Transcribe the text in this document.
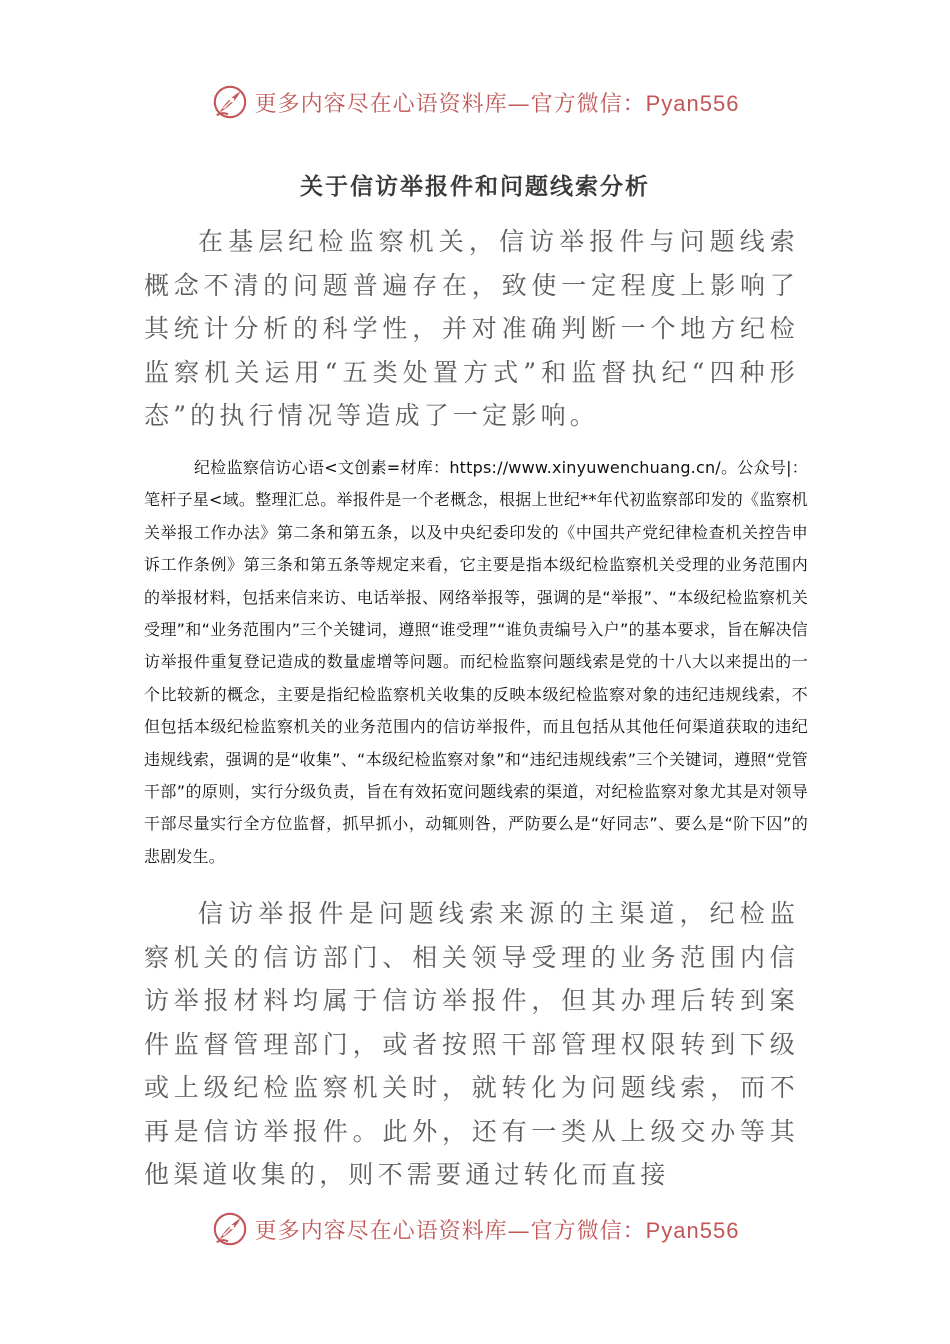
更多内容尽在心语资料库—官方微信：Pyan556
关于信访举报件和问题线索分析

在基层纪检监察机关，信访举报件与问题线索概念不清的问题普遍存在，致使一定程度上影响了其统计分析的科学性，并对准确判断一个地方纪检监察机关运用“五类处置方式”和监督执纪“四种形态”的执行情况等造成了一定影响。

纪检监察信访心语<文创素=材库：https://www.xinyuwenchuang.cn/。公众号|：笔杆子星<域。整理汇总。举报件是一个老概念，根据上世纪**年代初监察部印发的《监察机关举报工作办法》第二条和第五条，以及中央纪委印发的《中国共产党纪律检查机关控告申诉工作条例》第三条和第五条等规定来看，它主要是指本级纪检监察机关受理的业务范围内的举报材料，包括来信来访、电话举报、网络举报等，强调的是“举报”、“本级纪检监察机关受理”和“业务范围内”三个关键词，遵照“谁受理”“谁负责编号入户”的基本要求，旨在解决信访举报件重复登记造成的数量虚增等问题。而纪检监察问题线索是党的十八大以来提出的一个比较新的概念，主要是指纪检监察机关收集的反映本级纪检监察对象的违纪违规线索，不但包括本级纪检监察机关的业务范围内的信访举报件，而且包括从其他任何渠道获取的违纪违规线索，强调的是“收集”、“本级纪检监察对象”和“违纪违规线索”三个关键词，遵照“党管干部”的原则，实行分级负责，旨在有效拓宽问题线索的渠道，对纪检监察对象尤其是对领导干部尽量实行全方位监督，抓早抓小，动辄则咎，严防要么是“好同志”、要么是“阶下囚”的悲剧发生。

信访举报件是问题线索来源的主渠道，纪检监察机关的信访部门、相关领导受理的业务范围内信访举报材料均属于信访举报件，但其办理后转到案件监督管理部门，或者按照干部管理权限转到下级或上级纪检监察机关时，就转化为问题线索，而不再是信访举报件。此外，还有一类从上级交办等其他渠道收集的，则不需要通过转化而直接

更多内容尽在心语资料库—官方微信：Pyan556
